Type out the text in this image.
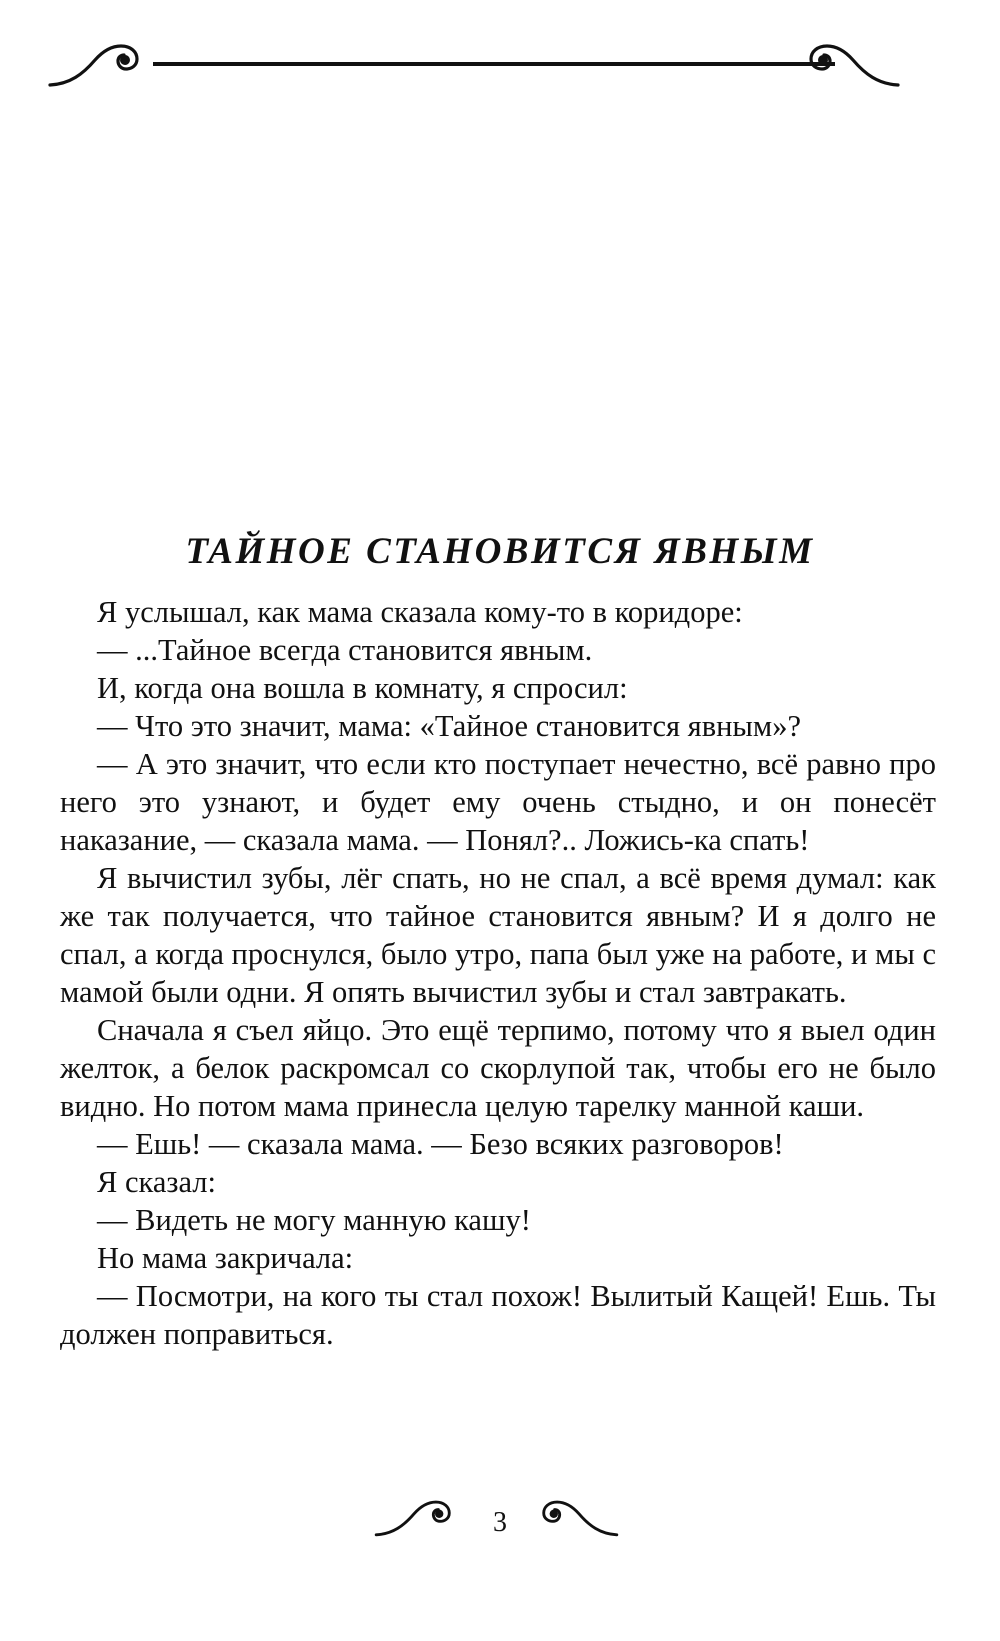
ТАЙНОЕ СТАНОВИТСЯ ЯВНЫМ

Я услышал, как мама сказала кому-то в коридоре:

— ...Тайное всегда становится явным.

И, когда она вошла в комнату, я спросил:

— Что это значит, мама: «Тайное становится явным»?

— А это значит, что если кто поступает нечестно, всё равно про него это узнают, и будет ему очень стыдно, и он понесёт наказание, — сказала мама. — Понял?.. Ложись-ка спать!

Я вычистил зубы, лёг спать, но не спал, а всё время думал: как же так получается, что тайное становится явным? И я долго не спал, а когда проснулся, было утро, папа был уже на работе, и мы с мамой были одни. Я опять вычистил зубы и стал завтракать.

Сначала я съел яйцо. Это ещё терпимо, потому что я выел один желток, а белок раскромсал со скорлупой так, чтобы его не было видно. Но потом мама принесла целую тарелку манной каши.

— Ешь! — сказала мама. — Безо всяких разговоров!

Я сказал:

— Видеть не могу манную кашу!

Но мама закричала:

— Посмотри, на кого ты стал похож! Вылитый Кащей! Ешь. Ты должен поправиться.

3
